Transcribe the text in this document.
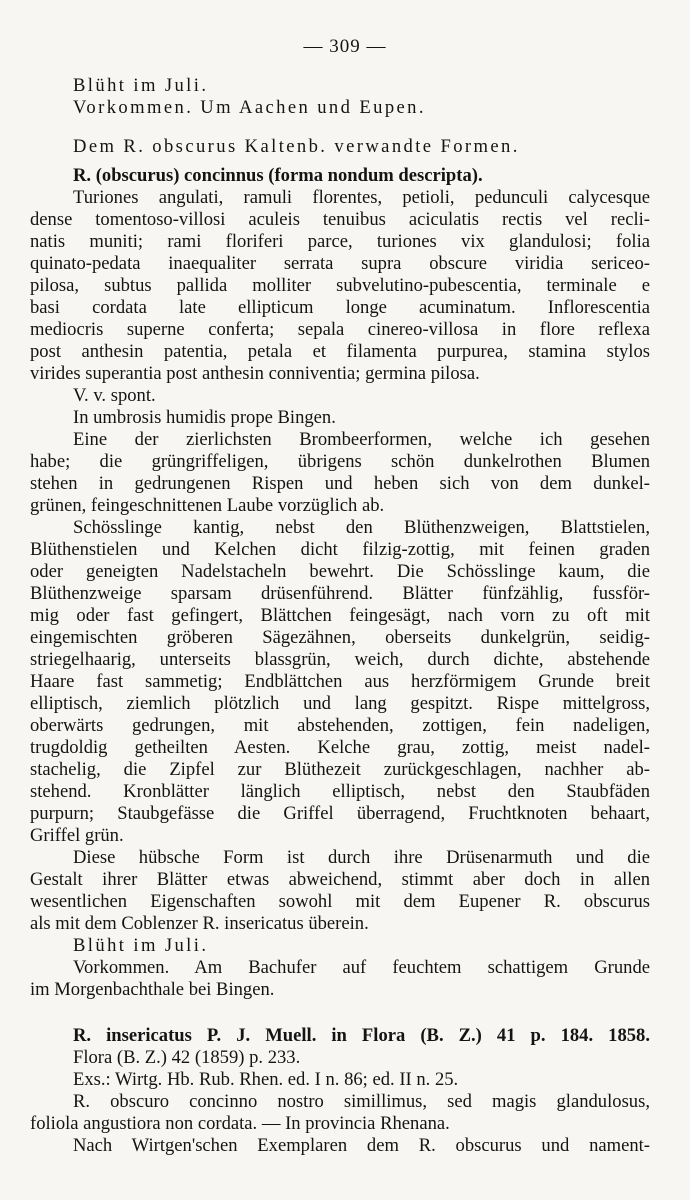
— 309 —
Blüht im Juli.
Vorkommen. Um Aachen und Eupen.
Dem R. obscurus Kaltenb. verwandte Formen.
R. (obscurus) concinnus (forma nondum descripta).
Turiones angulati, ramuli florentes, petioli, pedunculi calycesque
dense tomentoso-villosi aculeis tenuibus aciculatis rectis vel recli-
natis muniti; rami floriferi parce, turiones vix glandulosi; folia
quinato-pedata inaequaliter serrata supra obscure viridia sericeo-
pilosa, subtus pallida molliter subvelutino-pubescentia, terminale e
basi cordata late ellipticum longe acuminatum. Inflorescentia
mediocris superne conferta; sepala cinereo-villosa in flore reflexa
post anthesin patentia, petala et filamenta purpurea, stamina stylos
virides superantia post anthesin conniventia; germina pilosa.
V. v. spont.
In umbrosis humidis prope Bingen.
Eine der zierlichsten Brombeerformen, welche ich gesehen
habe; die grüngriffeligen, übrigens schön dunkelrothen Blumen
stehen in gedrungenen Rispen und heben sich von dem dunkel-
grünen, feingeschnittenen Laube vorzüglich ab.
Schösslinge kantig, nebst den Blüthenzweigen, Blattstielen,
Blüthenstielen und Kelchen dicht filzig-zottig, mit feinen graden
oder geneigten Nadelstacheln bewehrt. Die Schösslinge kaum, die
Blüthenzweige sparsam drüsenführend. Blätter fünfzählig, fussför-
mig oder fast gefingert, Blättchen feingesägt, nach vorn zu oft mit
eingemischten gröberen Sägezähnen, oberseits dunkelgrün, seidig-
striegelhaarig, unterseits blassgrün, weich, durch dichte, abstehende
Haare fast sammetig; Endblättchen aus herzförmigem Grunde breit
elliptisch, ziemlich plötzlich und lang gespitzt. Rispe mittelgross,
oberwärts gedrungen, mit abstehenden, zottigen, fein nadeligen,
trugdoldig getheilten Aesten. Kelche grau, zottig, meist nadel-
stachelig, die Zipfel zur Blüthezeit zurückgeschlagen, nachher ab-
stehend. Kronblätter länglich elliptisch, nebst den Staubfäden
purpurn; Staubgefässe die Griffel überragend, Fruchtknoten behaart,
Griffel grün.
Diese hübsche Form ist durch ihre Drüsenarmuth und die
Gestalt ihrer Blätter etwas abweichend, stimmt aber doch in allen
wesentlichen Eigenschaften sowohl mit dem Eupener R. obscurus
als mit dem Coblenzer R. insericatus überein.
Blüht im Juli.
Vorkommen. Am Bachufer auf feuchtem schattigem Grunde
im Morgenbachthale bei Bingen.
R. insericatus P. J. Muell. in Flora (B. Z.) 41 p. 184. 1858.
Flora (B. Z.) 42 (1859) p. 233.
Exs.: Wirtg. Hb. Rub. Rhen. ed. I n. 86; ed. II n. 25.
R. obscuro concinno nostro simillimus, sed magis glandulosus,
foliola angustiora non cordata. — In provincia Rhenana.
Nach Wirtgen'schen Exemplaren dem R. obscurus und nament-
